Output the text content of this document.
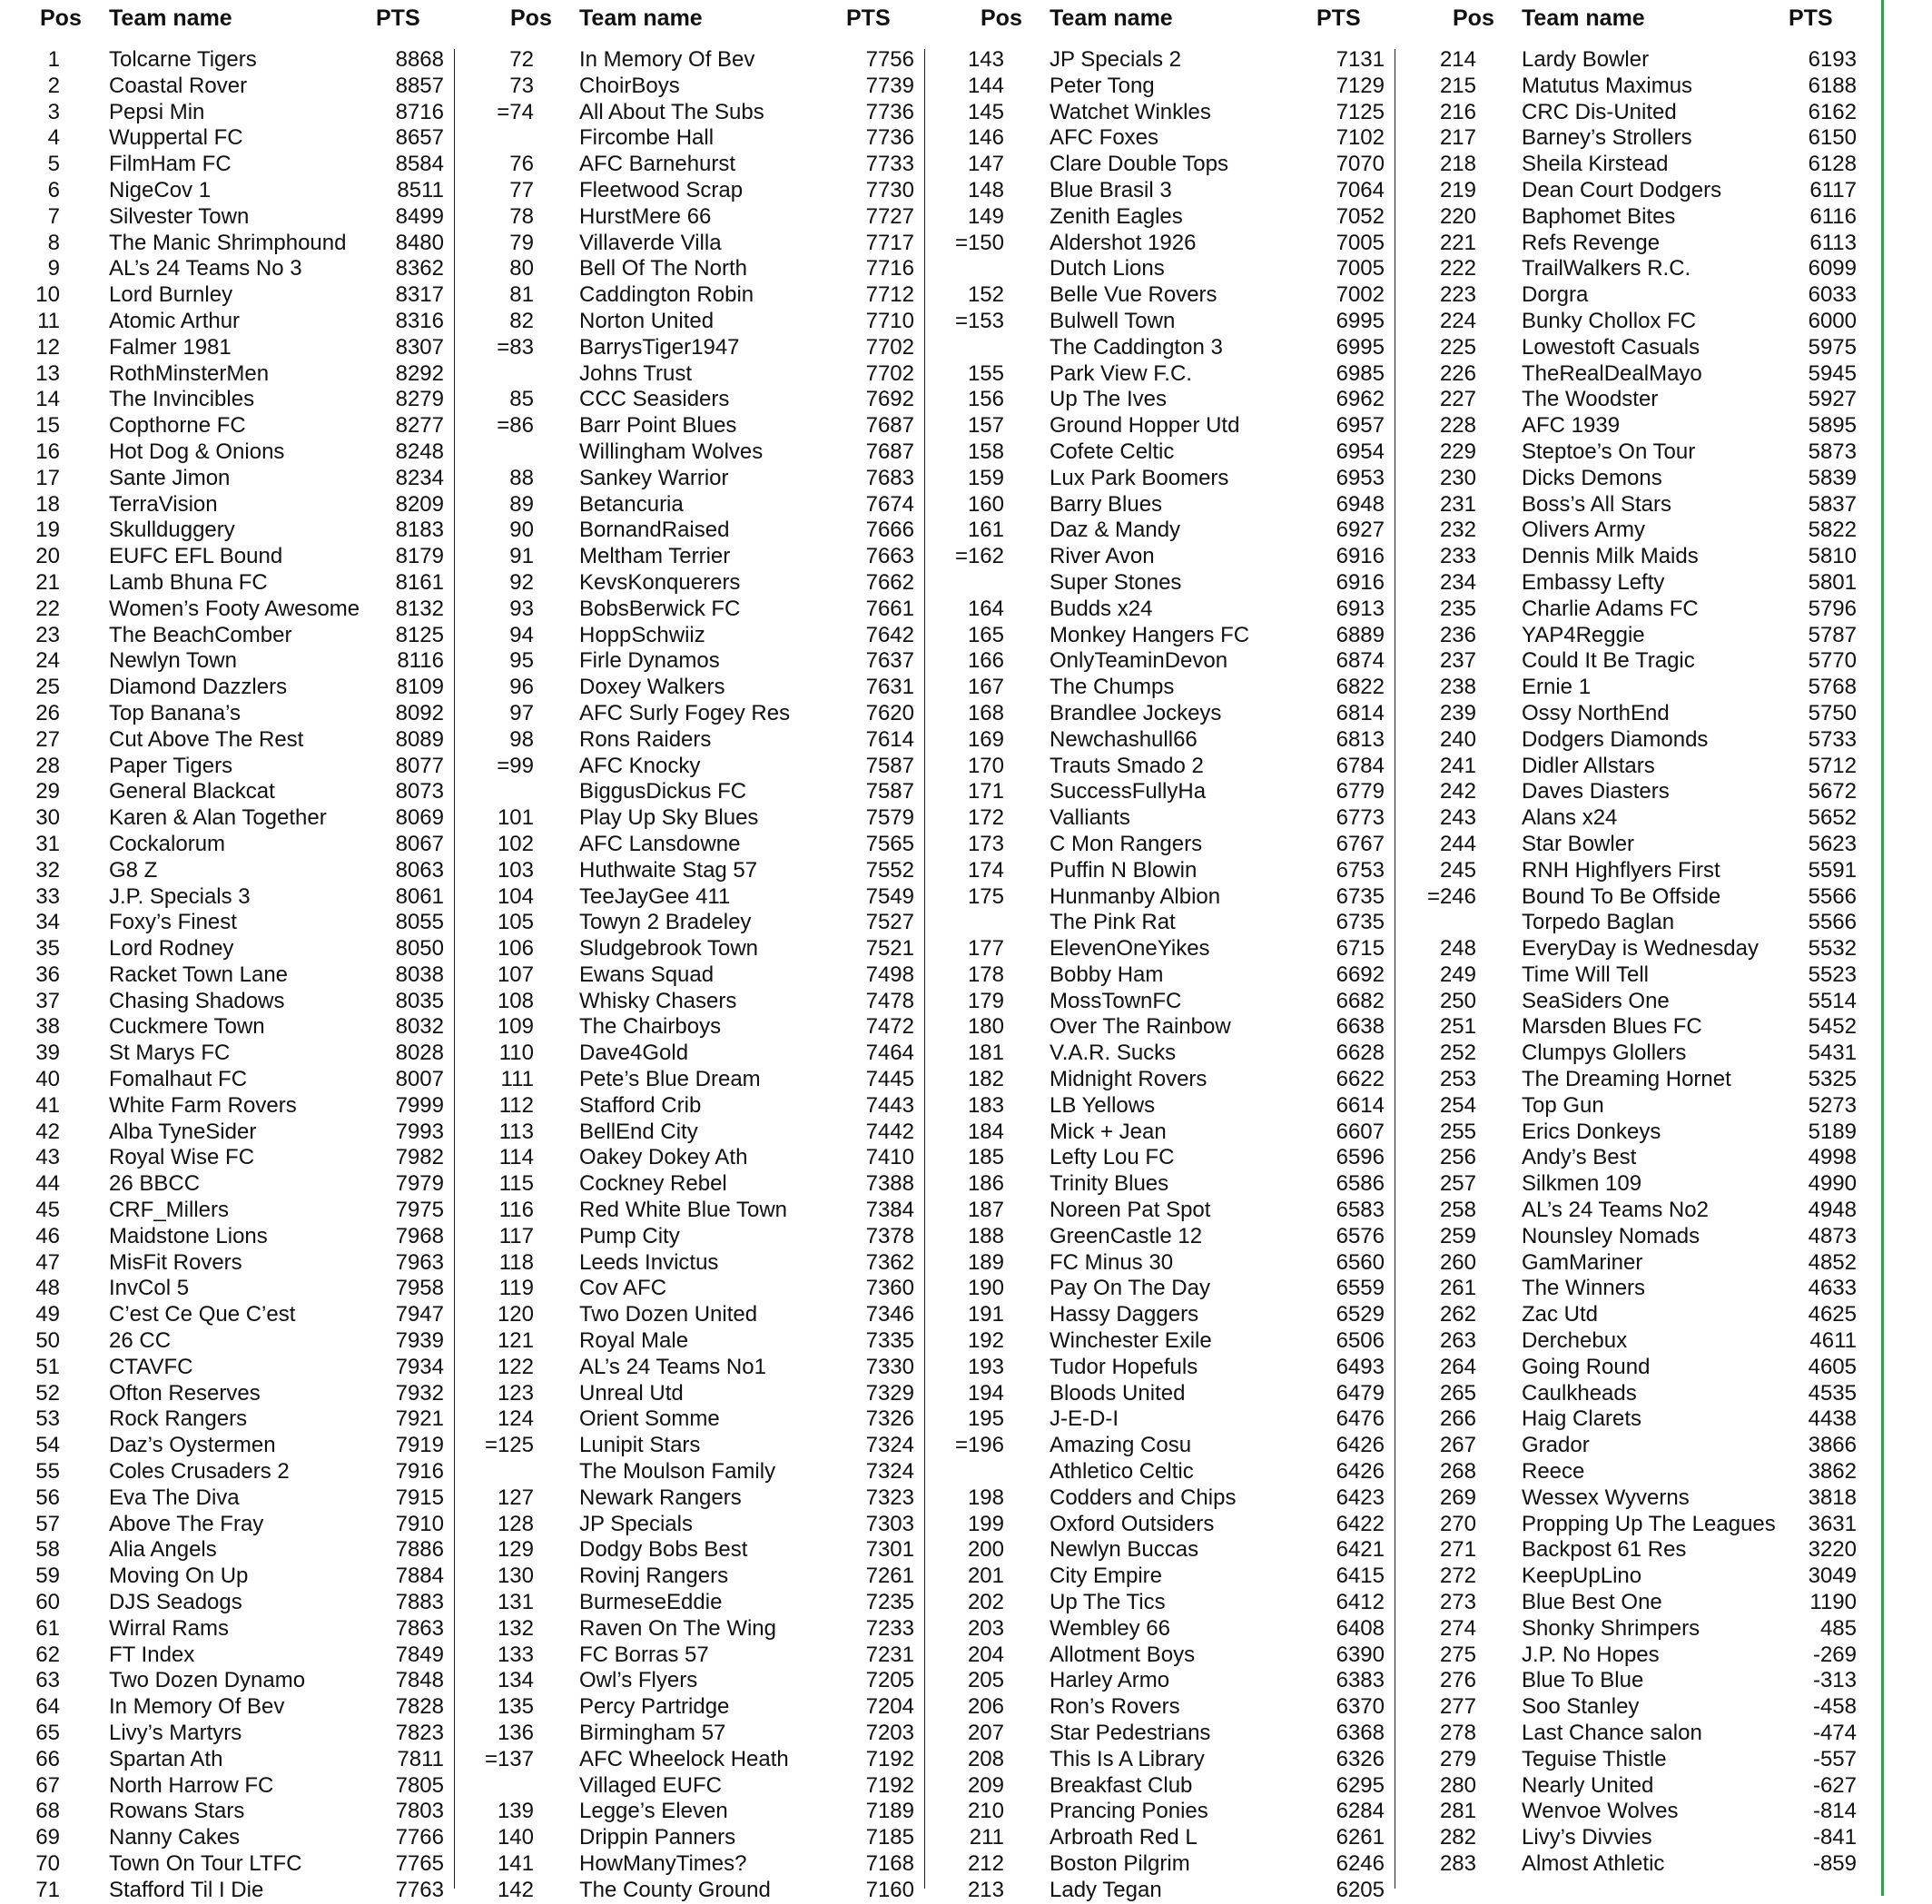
Pos Team name	PTS
1 Tolcarne Tigers	8868
2 Coastal Rover	8857
3 Pepsi Min	8716
4 Wuppertal FC	8657
5 FilmHam FC	8584
6 NigeCov 1	8511
7 Silvester Town	8499
8 The Manic Shrimphound	8480
9 AL’s 24 Teams No 3	8362
10 Lord Burnley	8317
11 Atomic Arthur	8316
12 Falmer 1981	8307
13 RothMinsterMen	8292
14 The Invincibles	8279
15 Copthorne FC	8277
16 Hot Dog & Onions	8248
17 Sante Jimon	8234
18 TerraVision	8209
19 Skullduggery	8183
20 EUFC EFL Bound	8179
21 Lamb Bhuna FC	8161
22 Women’s Footy Awesome	8132
23 The BeachComber	8125
24 Newlyn Town	8116
25 Diamond Dazzlers	8109
26 Top Banana’s	8092
27 Cut Above The Rest	8089
28 Paper Tigers	8077
29 General Blackcat	8073
30 Karen & Alan Together	8069
31 Cockalorum	8067
32 G8 Z	8063
33 J.P. Specials 3	8061
34 Foxy’s Finest	8055
35 Lord Rodney	8050
36 Racket Town Lane	8038
37 Chasing Shadows	8035
38 Cuckmere Town	8032
39 St Marys FC	8028
40 Fomalhaut FC	8007
41 White Farm Rovers	7999
42 Alba TyneSider	7993
43 Royal Wise FC	7982
44 26 BBCC	7979
45 CRF_Millers	7975
46 Maidstone Lions	7968
47 MisFit Rovers	7963
48 InvCol 5	7958
49 C’est Ce Que C’est	7947
50 26 CC	7939
51 CTAVFC	7934
52 Ofton Reserves	7932
53 Rock Rangers	7921
54 Daz’s Oystermen	7919
55 Coles Crusaders 2	7916
56 Eva The Diva	7915
57 Above The Fray	7910
58 Alia Angels	7886
59 Moving On Up	7884
60 DJS Seadogs	7883
61 Wirral Rams	7863
62 FT Index	7849
63 Two Dozen Dynamo	7848
64 In Memory Of Bev	7828
65 Livy’s Martyrs	7823
66 Spartan Ath	7811
67 North Harrow FC	7805
68 Rowans Stars	7803
69 Nanny Cakes	7766
70 Town On Tour LTFC	7765
71 Stafford Til I Die	7763
Pos Team name	PTS
72 In Memory Of Bev	7756
73 ChoirBoys	7739
=74 All About The Subs	7736
Fircombe Hall	7736
76 AFC Barnehurst	7733
77 Fleetwood Scrap	7730
78 HurstMere 66	7727
79 Villaverde Villa	7717
80 Bell Of The North	7716
81 Caddington Robin	7712
82 Norton United	7710
=83 BarrysTiger1947	7702
Johns Trust	7702
85 CCC Seasiders	7692
=86 Barr Point Blues	7687
Willingham Wolves	7687
88 Sankey Warrior	7683
89 Betancuria	7674
90 BornandRaised	7666
91 Meltham Terrier	7663
92 KevsKonquerers	7662
93 BobsBerwick FC	7661
94 HoppSchwiiz	7642
95 Firle Dynamos	7637
96 Doxey Walkers	7631
97 AFC Surly Fogey Res	7620
98 Rons Raiders	7614
=99 AFC Knocky	7587
BiggusDickus FC	7587
101 Play Up Sky Blues	7579
102 AFC Lansdowne	7565
103 Huthwaite Stag 57	7552
104 TeeJayGee 411	7549
105 Towyn 2 Bradeley	7527
106 Sludgebrook Town	7521
107 Ewans Squad	7498
108 Whisky Chasers	7478
109 The Chairboys	7472
110 Dave4Gold	7464
111 Pete’s Blue Dream	7445
112 Stafford Crib	7443
113 BellEnd City	7442
114 Oakey Dokey Ath	7410
115 Cockney Rebel	7388
116 Red White Blue Town	7384
117 Pump City	7378
118 Leeds Invictus	7362
119 Cov AFC	7360
120 Two Dozen United	7346
121 Royal Male	7335
122 AL’s 24 Teams No1	7330
123 Unreal Utd	7329
124 Orient Somme	7326
=125 Lunipit Stars	7324
The Moulson Family	7324
127 Newark Rangers	7323
128 JP Specials	7303
129 Dodgy Bobs Best	7301
130 Rovinj Rangers	7261
131 BurmeseEddie	7235
132 Raven On The Wing	7233
133 FC Borras 57	7231
134 Owl’s Flyers	7205
135 Percy Partridge	7204
136 Birmingham 57	7203
=137 AFC Wheelock Heath	7192
Villaged EUFC	7192
139 Legge’s Eleven	7189
140 Drippin Panners	7185
141 HowManyTimes?	7168
142 The County Ground	7160
Pos Team name	PTS
143 JP Specials 2	7131
144 Peter Tong	7129
145 Watchet Winkles	7125
146 AFC Foxes	7102
147 Clare Double Tops	7070
148 Blue Brasil 3	7064
149 Zenith Eagles	7052
=150 Aldershot 1926	7005
Dutch Lions	7005
152 Belle Vue Rovers	7002
=153 Bulwell Town	6995
The Caddington 3	6995
155 Park View F.C.	6985
156 Up The Ives	6962
157 Ground Hopper Utd	6957
158 Cofete Celtic	6954
159 Lux Park Boomers	6953
160 Barry Blues	6948
161 Daz & Mandy	6927
=162 River Avon	6916
Super Stones	6916
164 Budds x24	6913
165 Monkey Hangers FC	6889
166 OnlyTeaminDevon	6874
167 The Chumps	6822
168 Brandlee Jockeys	6814
169 Newchashull66	6813
170 Trauts Smado 2	6784
171 SuccessFullyHa	6779
172 Valliants	6773
173 C Mon Rangers	6767
174 Puffin N Blowin	6753
175 Hunmanby Albion	6735
The Pink Rat	6735
177 ElevenOneYikes	6715
178 Bobby Ham	6692
179 MossTownFC	6682
180 Over The Rainbow	6638
181 V.A.R. Sucks	6628
182 Midnight Rovers	6622
183 LB Yellows	6614
184 Mick + Jean	6607
185 Lefty Lou FC	6596
186 Trinity Blues	6586
187 Noreen Pat Spot	6583
188 GreenCastle 12	6576
189 FC Minus 30	6560
190 Pay On The Day	6559
191 Hassy Daggers	6529
192 Winchester Exile	6506
193 Tudor Hopefuls	6493
194 Bloods United	6479
195 J-E-D-I	6476
=196 Amazing Cosu	6426
Athletico Celtic	6426
198 Codders and Chips	6423
199 Oxford Outsiders	6422
200 Newlyn Buccas	6421
201 City Empire	6415
202 Up The Tics	6412
203 Wembley 66	6408
204 Allotment Boys	6390
205 Harley Armo	6383
206 Ron’s Rovers	6370
207 Star Pedestrians	6368
208 This Is A Library	6326
209 Breakfast Club	6295
210 Prancing Ponies	6284
211 Arbroath Red L	6261
212 Boston Pilgrim	6246
213 Lady Tegan	6205
Pos Team name	PTS
214 Lardy Bowler	6193
215 Matutus Maximus	6188
216 CRC Dis-United	6162
217 Barney’s Strollers	6150
218 Sheila Kirstead	6128
219 Dean Court Dodgers	6117
220 Baphomet Bites	6116
221 Refs Revenge	6113
222 TrailWalkers R.C.	6099
223 Dorgra	6033
224 Bunky Chollox FC	6000
225 Lowestoft Casuals	5975
226 TheRealDealMayo	5945
227 The Woodster	5927
228 AFC 1939	5895
229 Steptoe’s On Tour	5873
230 Dicks Demons	5839
231 Boss’s All Stars	5837
232 Olivers Army	5822
233 Dennis Milk Maids	5810
234 Embassy Lefty	5801
235 Charlie Adams FC	5796
236 YAP4Reggie	5787
237 Could It Be Tragic	5770
238 Ernie 1	5768
239 Ossy NorthEnd	5750
240 Dodgers Diamonds	5733
241 Didler Allstars	5712
242 Daves Diasters	5672
243 Alans x24	5652
244 Star Bowler	5623
245 RNH Highflyers First	5591
=246 Bound To Be Offside	5566
Torpedo Baglan	5566
248 EveryDay is Wednesday	5532
249 Time Will Tell	5523
250 SeaSiders One	5514
251 Marsden Blues FC	5452
252 Clumpys Glollers	5431
253 The Dreaming Hornet	5325
254 Top Gun	5273
255 Erics Donkeys	5189
256 Andy’s Best	4998
257 Silkmen 109	4990
258 AL’s 24 Teams No2	4948
259 Nounsley Nomads	4873
260 GamMariner	4852
261 The Winners	4633
262 Zac Utd	4625
263 Derchebux	4611
264 Going Round	4605
265 Caulkheads	4535
266 Haig Clarets	4438
267 Grador	3866
268 Reece	3862
269 Wessex Wyverns	3818
270 Propping Up The Leagues	3631
271 Backpost 61 Res	3220
272 KeepUpLino	3049
273 Blue Best One	1190
274 Shonky Shrimpers	485
275 J.P. No Hopes	-269
276 Blue To Blue	-313
277 Soo Stanley	-458
278 Last Chance salon	-474
279 Teguise Thistle	-557
280 Nearly United	-627
281 Wenvoe Wolves	-814
282 Livy’s Divvies	-841
283 Almost Athletic	-859
